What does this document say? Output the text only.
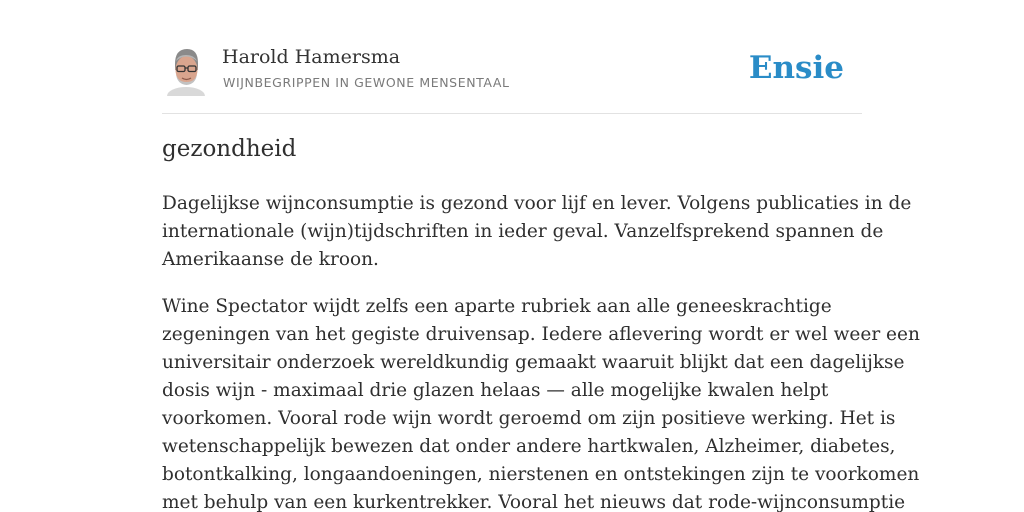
Harold Hamersma
WIJNBEGRIPPEN IN GEWONE MENSENTAAL	Ensie
gezondheid

Dagelijkse wijnconsumptie is gezond voor lijf en lever. Volgens publicaties in de
internationale (wijn)tijdschriften in ieder geval. Vanzelfsprekend spannen de
Amerikaanse de kroon.

Wine Spectator wijdt zelfs een aparte rubriek aan alle geneeskrachtige
zegeningen van het gegiste druivensap. Iedere aflevering wordt er wel weer een
universitair onderzoek wereldkundig gemaakt waaruit blijkt dat een dagelijkse
dosis wijn - maximaal drie glazen helaas — alle mogelijke kwalen helpt
voorkomen. Vooral rode wijn wordt geroemd om zijn positieve werking. Het is
wetenschappelijk bewezen dat onder andere hartkwalen, Alzheimer, diabetes,
botontkalking, longaandoeningen, nierstenen en ontstekingen zijn te voorkomen
met behulp van een kurkentrekker. Vooral het nieuws dat rode-wijnconsumptie
